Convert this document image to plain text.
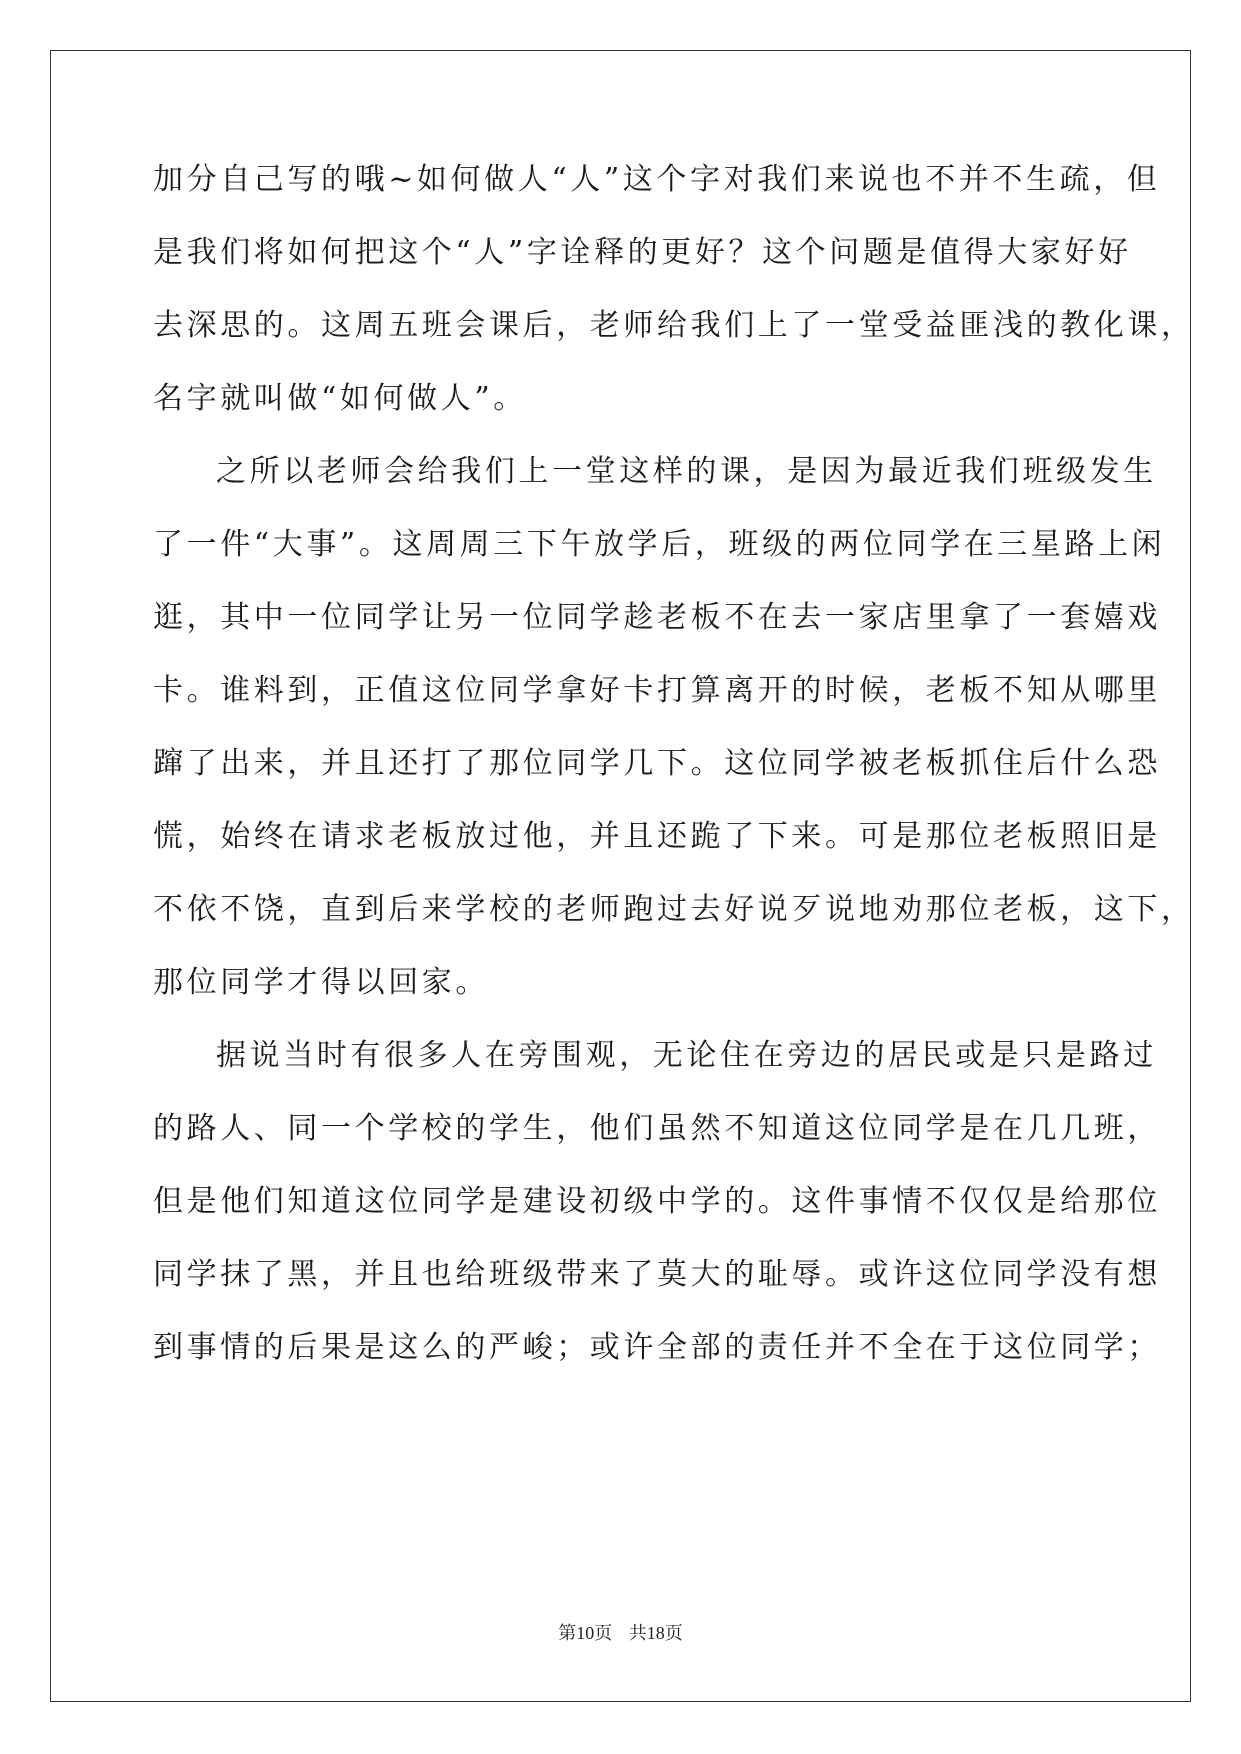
加分自己写的哦~如何做人“人”这个字对我们来说也不并不生疏，但
是我们将如何把这个“人”字诠释的更好？这个问题是值得大家好好
去深思的。这周五班会课后，老师给我们上了一堂受益匪浅的教化课，
名字就叫做“如何做人”。
之所以老师会给我们上一堂这样的课，是因为最近我们班级发生
了一件“大事”。这周周三下午放学后，班级的两位同学在三星路上闲
逛，其中一位同学让另一位同学趁老板不在去一家店里拿了一套嬉戏
卡。谁料到，正值这位同学拿好卡打算离开的时候，老板不知从哪里
蹿了出来，并且还打了那位同学几下。这位同学被老板抓住后什么恐
慌，始终在请求老板放过他，并且还跪了下来。可是那位老板照旧是
不依不饶，直到后来学校的老师跑过去好说歹说地劝那位老板，这下，
那位同学才得以回家。
据说当时有很多人在旁围观，无论住在旁边的居民或是只是路过
的路人、同一个学校的学生，他们虽然不知道这位同学是在几几班，
但是他们知道这位同学是建设初级中学的。这件事情不仅仅是给那位
同学抹了黑，并且也给班级带来了莫大的耻辱。或许这位同学没有想
到事情的后果是这么的严峻；或许全部的责任并不全在于这位同学；
第10页 共18页
